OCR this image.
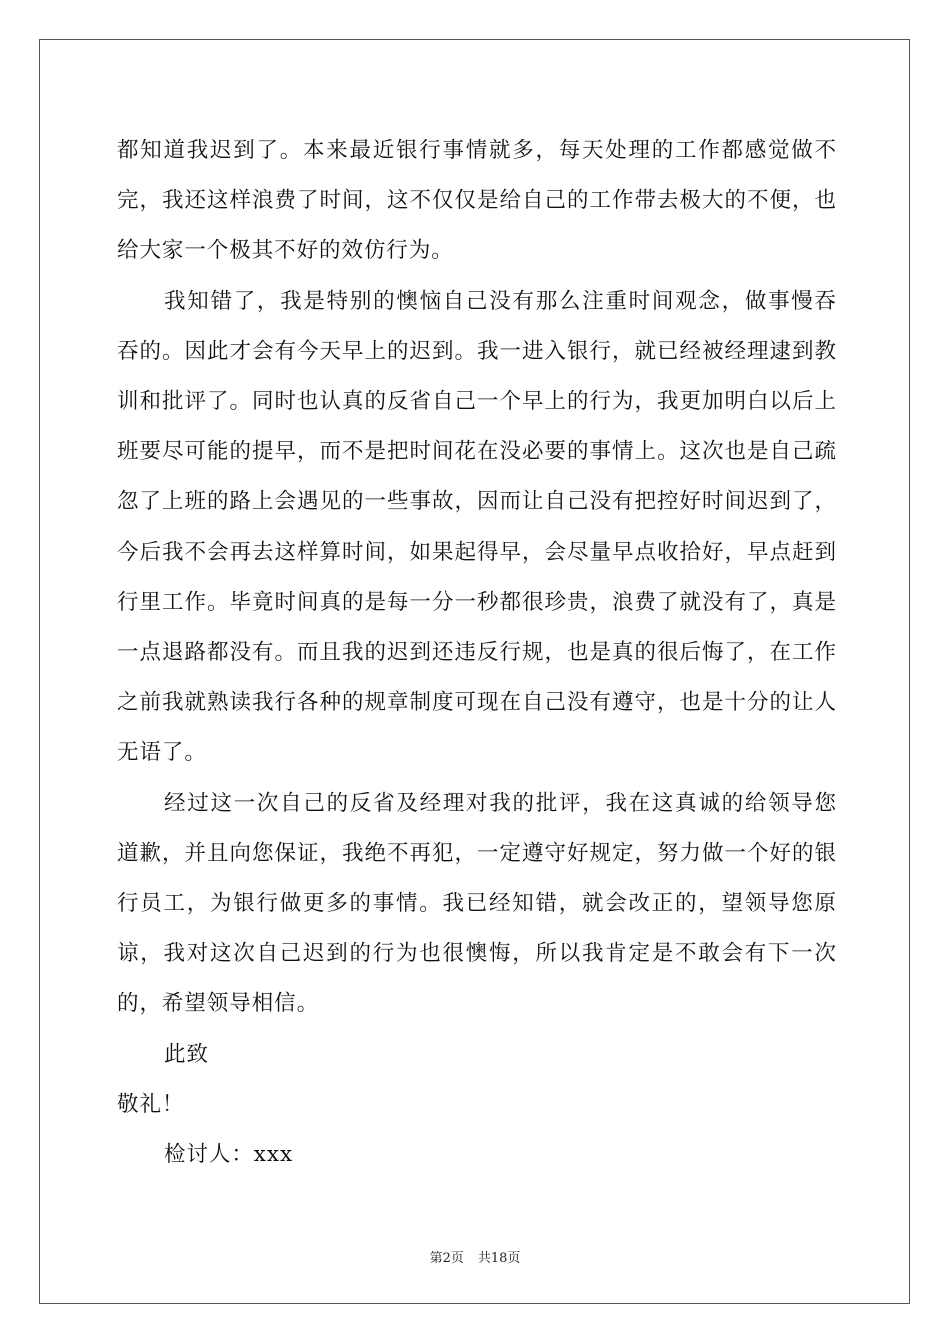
都知道我迟到了。本来最近银行事情就多，每天处理的工作都感觉做不完，我还这样浪费了时间，这不仅仅是给自己的工作带去极大的不便，也给大家一个极其不好的效仿行为。

我知错了，我是特别的懊恼自己没有那么注重时间观念，做事慢吞吞的。因此才会有今天早上的迟到。我一进入银行，就已经被经理逮到教训和批评了。同时也认真的反省自己一个早上的行为，我更加明白以后上班要尽可能的提早，而不是把时间花在没必要的事情上。这次也是自己疏忽了上班的路上会遇见的一些事故，因而让自己没有把控好时间迟到了，今后我不会再去这样算时间，如果起得早，会尽量早点收拾好，早点赶到行里工作。毕竟时间真的是每一分一秒都很珍贵，浪费了就没有了，真是一点退路都没有。而且我的迟到还违反行规，也是真的很后悔了，在工作之前我就熟读我行各种的规章制度可现在自己没有遵守，也是十分的让人无语了。

经过这一次自己的反省及经理对我的批评，我在这真诚的给领导您道歉，并且向您保证，我绝不再犯，一定遵守好规定，努力做一个好的银行员工，为银行做更多的事情。我已经知错，就会改正的，望领导您原谅，我对这次自己迟到的行为也很懊悔，所以我肯定是不敢会有下一次的，希望领导相信。

此致

敬礼！

检讨人：xxx

第2页 共18页
